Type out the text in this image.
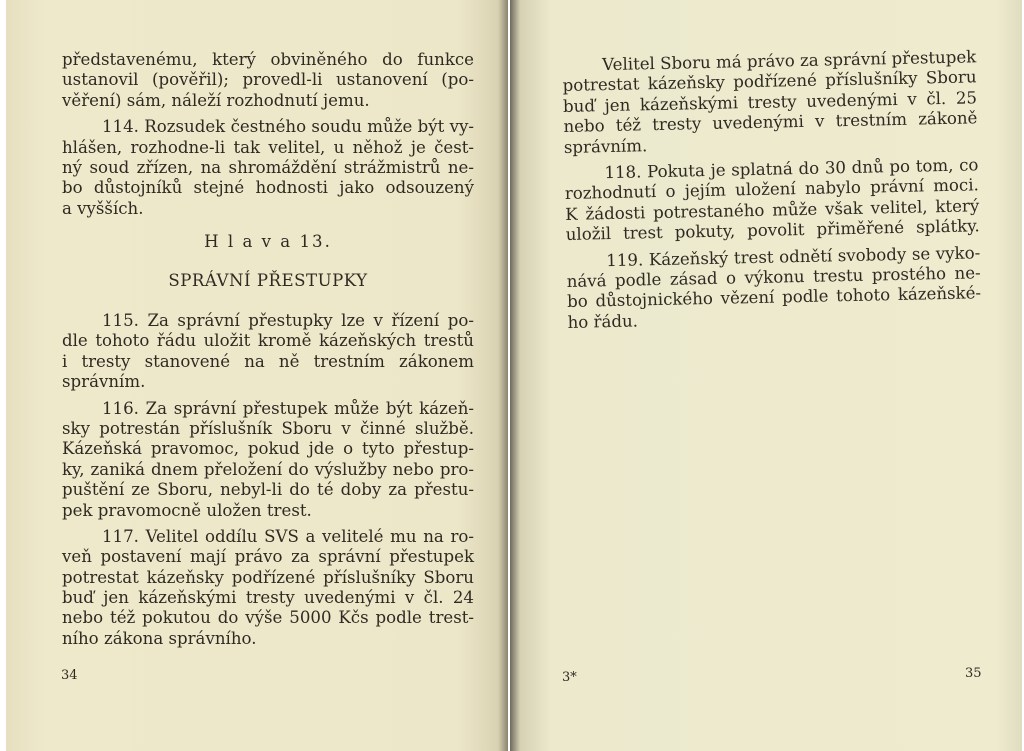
představenému, který obviněného do funkce
ustanovil (pověřil); provedl-li ustanovení (po-
věření) sám, náleží rozhodnutí jemu.
114. Rozsudek čestného soudu může být vy-
hlášen, rozhodne-li tak velitel, u něhož je čest-
ný soud zřízen, na shromáždění strážmistrů ne-
bo důstojníků stejné hodnosti jako odsouzený
a vyšších.
H l a v a 13.
SPRÁVNÍ PŘESTUPKY
115. Za správní přestupky lze v řízení po-
dle tohoto řádu uložit kromě kázeňských trestů
i tresty stanovené na ně trestním zákonem
správním.
116. Za správní přestupek může být kázeň-
sky potrestán příslušník Sboru v činné službě.
Kázeňská pravomoc, pokud jde o tyto přestup-
ky, zaniká dnem přeložení do výslužby nebo pro-
puštění ze Sboru, nebyl-li do té doby za přestu-
pek pravomocně uložen trest.
117. Velitel oddílu SVS a velitelé mu na ro-
veň postavení mají právo za správní přestupek
potrestat kázeňsky podřízené příslušníky Sboru
buď jen kázeňskými tresty uvedenými v čl. 24
nebo též pokutou do výše 5000 Kčs podle trest-
ního zákona správního.
34
Velitel Sboru má právo za správní přestupek
potrestat kázeňsky podřízené příslušníky Sboru
buď jen kázeňskými tresty uvedenými v čl. 25
nebo též tresty uvedenými v trestním zákoně
správním.
118. Pokuta je splatná do 30 dnů po tom, co
rozhodnutí o jejím uložení nabylo právní moci.
K žádosti potrestaného může však velitel, který
uložil trest pokuty, povolit přiměřené splátky.
119. Kázeňský trest odnětí svobody se vyko-
nává podle zásad o výkonu trestu prostého ne-
bo důstojnického vězení podle tohoto kázeňské-
ho řádu.
3*	35
